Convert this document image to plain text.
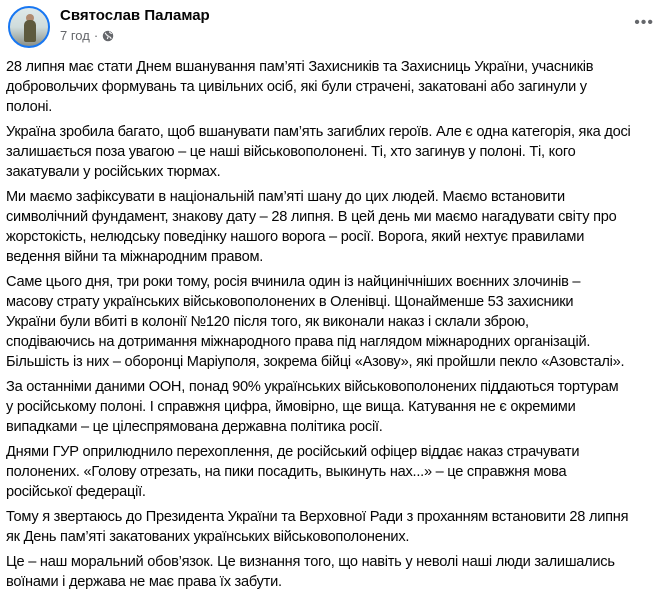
Святослав Паламар
7 год ·
•••
28 липня має стати Днем вшанування пам’яті Захисників та Захисниць України, учасників
добровольчих формувань та цивільних осіб, які були страчені, закатовані або загинули у
полоні.
Україна зробила багато, щоб вшанувати пам’ять загиблих героїв. Але є одна категорія, яка досі
залишається поза увагою – це наші військовополонені. Ті, хто загинув у полоні. Ті, кого
закатували у російських тюрмах.
Ми маємо зафіксувати в національній пам’яті шану до цих людей. Маємо встановити
символічний фундамент, знакову дату – 28 липня. В цей день ми маємо нагадувати світу про
жорстокість, нелюдську поведінку нашого ворога – росії. Ворога, який нехтує правилами
ведення війни та міжнародним правом.
Саме цього дня, три роки тому, росія вчинила один із найцинічніших воєнних злочинів –
масову страту українських військовополонених в Оленівці. Щонайменше 53 захисники
України були вбиті в колонії №120 після того, як виконали наказ і склали зброю,
сподіваючись на дотримання міжнародного права під наглядом міжнародних організацій.
Більшість із них – оборонці Маріуполя, зокрема бійці «Азову», які пройшли пекло «Азовсталі».
За останніми даними ООН, понад 90% українських військовополонених піддаються тортурам
у російському полоні. І справжня цифра, ймовірно, ще вища. Катування не є окремими
випадками – це цілеспрямована державна політика росії.
Днями ГУР оприлюднило перехоплення, де російський офіцер віддає наказ страчувати
полонених. «Голову отрезать, на пики посадить, выкинуть нах...» – це справжня мова
російської федерації.
Тому я звертаюсь до Президента України та Верховної Ради з проханням встановити 28 липня
як День пам’яті закатованих українських військовополонених.
Це – наш моральний обов’язок. Це визнання того, що навіть у неволі наші люди залишались
воїнами і держава не має права їх забути.
